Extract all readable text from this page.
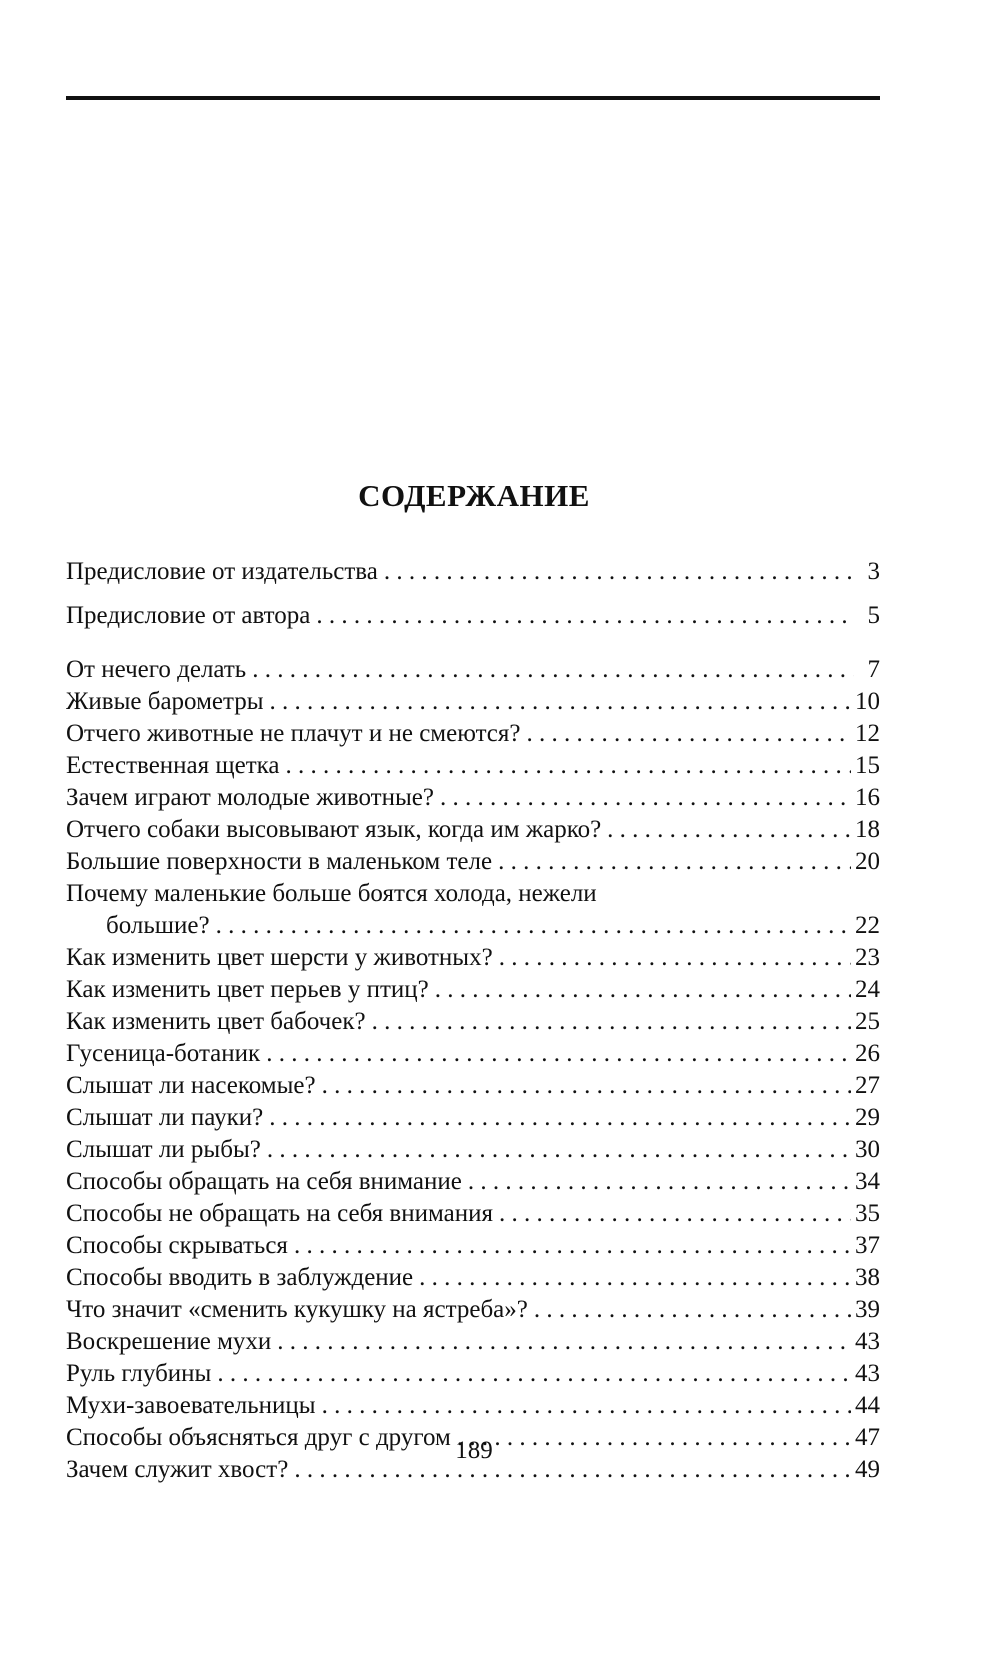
СОДЕРЖАНИЕ
Предисловие от издательства . . .	3
Предисловие от автора . . .	5
От нечего делать . . .	7
Живые барометры . . .	10
Отчего животные не плачут и не смеются? . . .	12
Естественная щетка . . .	15
Зачем играют молодые животные? . . .	16
Отчего собаки высовывают язык, когда им жарко? . . .	18
Большие поверхности в маленьком теле . . .	20
Почему маленькие больше боятся холода, нежели
большие? . . .	22
Как изменить цвет шерсти у животных? . . .	23
Как изменить цвет перьев у птиц? . . .	24
Как изменить цвет бабочек? . . .	25
Гусеница-ботаник . . .	26
Слышат ли насекомые? . . .	27
Слышат ли пауки? . . .	29
Слышат ли рыбы? . . .	30
Способы обращать на себя внимание . . .	34
Способы не обращать на себя внимания . . .	35
Способы скрываться . . .	37
Способы вводить в заблуждение . . .	38
Что значит «сменить кукушку на ястреба»? . . .	39
Воскрешение мухи . . .	43
Руль глубины . . .	43
Мухи-завоевательницы . . .	44
Способы объясняться друг с другом . . .	47
Зачем служит хвост? . . .	49
189
